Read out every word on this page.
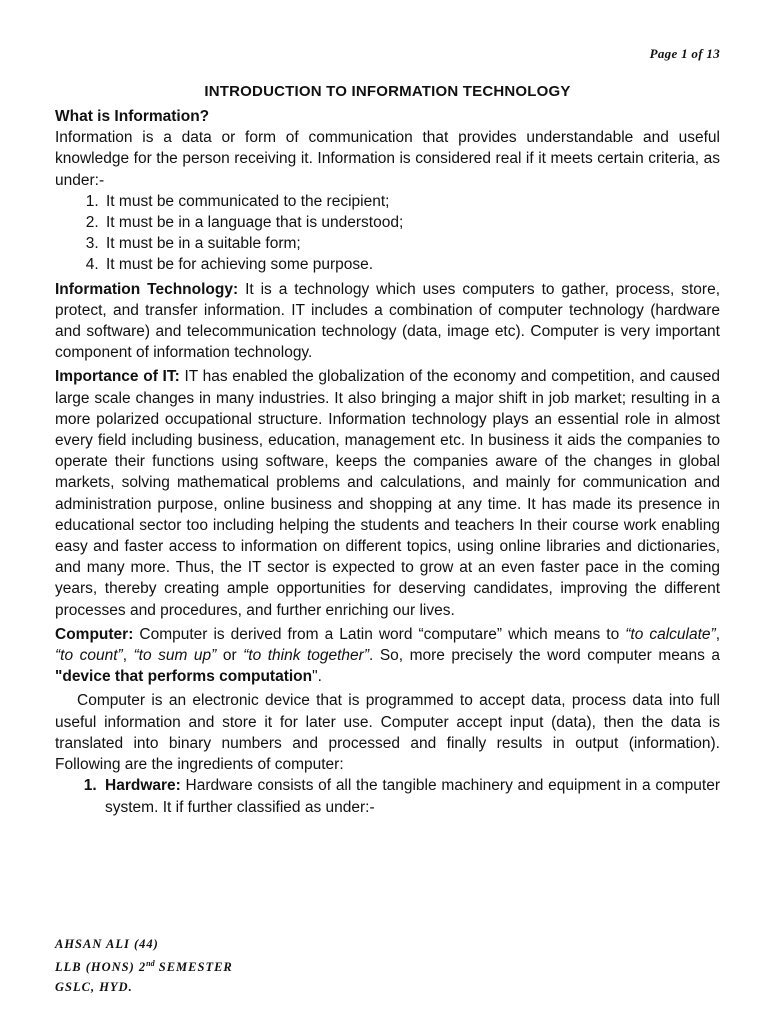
Page 1 of 13
INTRODUCTION TO INFORMATION TECHNOLOGY
What is Information?

Information is a data or form of communication that provides understandable and useful knowledge for the person receiving it. Information is considered real if it meets certain criteria, as under:-

1. It must be communicated to the recipient;
2. It must be in a language that is understood;
3. It must be in a suitable form;
4. It must be for achieving some purpose.

Information Technology: It is a technology which uses computers to gather, process, store, protect, and transfer information. IT includes a combination of computer technology (hardware and software) and telecommunication technology (data, image etc). Computer is very important component of information technology.

Importance of IT: IT has enabled the globalization of the economy and competition, and caused large scale changes in many industries. It also bringing a major shift in job market; resulting in a more polarized occupational structure. Information technology plays an essential role in almost every field including business, education, management etc. In business it aids the companies to operate their functions using software, keeps the companies aware of the changes in global markets, solving mathematical problems and calculations, and mainly for communication and administration purpose, online business and shopping at any time. It has made its presence in educational sector too including helping the students and teachers In their course work enabling easy and faster access to information on different topics, using online libraries and dictionaries, and many more. Thus, the IT sector is expected to grow at an even faster pace in the coming years, thereby creating ample opportunities for deserving candidates, improving the different processes and procedures, and further enriching our lives.

Computer: Computer is derived from a Latin word “computare” which means to “to calculate”, “to count”, “to sum up” or “to think together”. So, more precisely the word computer means a "device that performs computation".

Computer is an electronic device that is programmed to accept data, process data into full useful information and store it for later use. Computer accept input (data), then the data is translated into binary numbers and processed and finally results in output (information). Following are the ingredients of computer:

1. Hardware: Hardware consists of all the tangible machinery and equipment in a computer system. It if further classified as under:-
AHSAN ALI (44)
LLB (HONS) 2nd SEMESTER
GSLC, HYD.
